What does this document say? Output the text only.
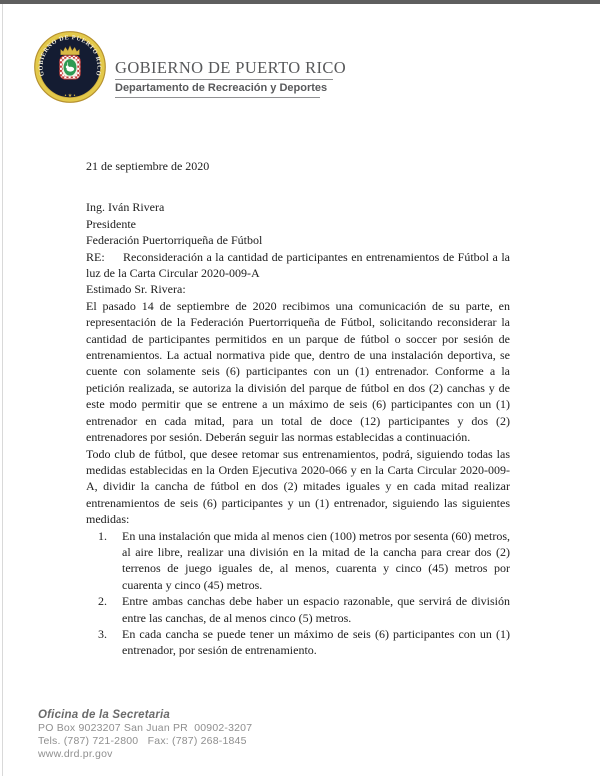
GOBIERNO DE PUERTO RICO
• ★ •
GOBIERNO DE PUERTO RICO
Departamento de Recreación y Deportes

21 de septiembre de 2020

Ing. Iván Rivera

Presidente

Federación Puertorriqueña de Fútbol

RE: Reconsideración a la cantidad de participantes en entrenamientos de Fútbol a la luz de la Carta Circular 2020-009-A

Estimado Sr. Rivera:

El pasado 14 de septiembre de 2020 recibimos una comunicación de su parte, en representación de la Federación Puertorriqueña de Fútbol, solicitando reconsiderar la cantidad de participantes permitidos en un parque de fútbol o soccer por sesión de entrenamientos. La actual normativa pide que, dentro de una instalación deportiva, se cuente con solamente seis (6) participantes con un (1) entrenador. Conforme a la petición realizada, se autoriza la división del parque de fútbol en dos (2) canchas y de este modo permitir que se entrene a un máximo de seis (6) participantes con un (1) entrenador en cada mitad, para un total de doce (12) participantes y dos (2) entrenadores por sesión. Deberán seguir las normas establecidas a continuación.

Todo club de fútbol, que desee retomar sus entrenamientos, podrá, siguiendo todas las medidas establecidas en la Orden Ejecutiva 2020-066 y en la Carta Circular 2020-009-A, dividir la cancha de fútbol en dos (2) mitades iguales y en cada mitad realizar entrenamientos de seis (6) participantes y un (1) entrenador, siguiendo las siguientes medidas:

1. En una instalación que mida al menos cien (100) metros por sesenta (60) metros, al aire libre, realizar una división en la mitad de la cancha para crear dos (2) terrenos de juego iguales de, al menos, cuarenta y cinco (45) metros por cuarenta y cinco (45) metros.
2. Entre ambas canchas debe haber un espacio razonable, que servirá de división entre las canchas, de al menos cinco (5) metros.
3. En cada cancha se puede tener un máximo de seis (6) participantes con un (1) entrenador, por sesión de entrenamiento.
Oficina de la Secretaria
PO Box 9023207 San Juan PR  00902-3207
Tels. (787) 721-2800   Fax: (787) 268-1845
www.drd.pr.gov
